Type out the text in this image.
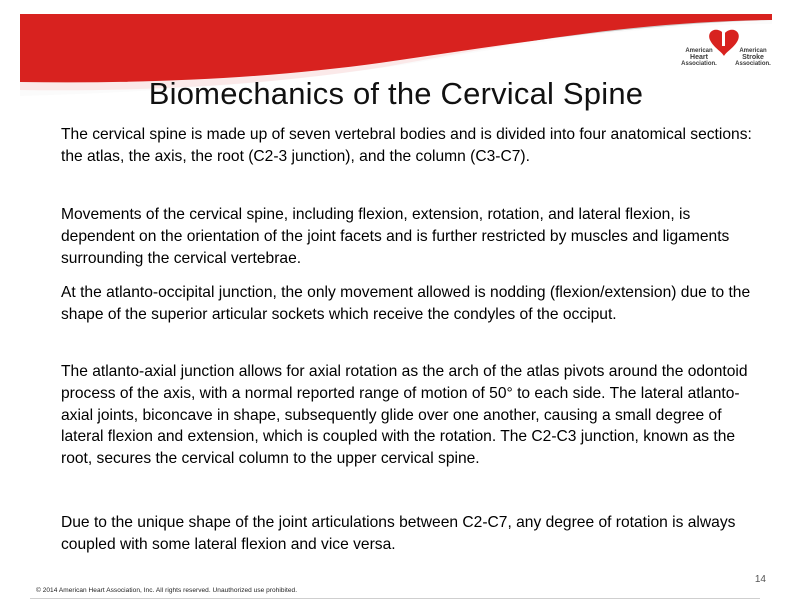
American
Heart
Association.
American
Stroke
Association.
Biomechanics of the Cervical Spine

The cervical spine is made up of seven vertebral bodies and is divided into four anatomical sections: the atlas, the axis, the root (C2-3 junction), and the column (C3-C7).

Movements of the cervical spine, including flexion, extension, rotation, and lateral flexion, is dependent on the orientation of the joint facets and is further restricted by muscles and ligaments surrounding the cervical vertebrae.

At the atlanto-occipital junction, the only movement allowed is nodding (flexion/extension) due to the shape of the superior articular sockets which receive the condyles of the occiput.

The atlanto-axial junction allows for axial rotation as the arch of the atlas pivots around the odontoid process of the axis, with a normal reported range of motion of 50° to each side. The lateral atlanto-axial joints, biconcave in shape, subsequently glide over one another, causing a small degree of lateral flexion and extension, which is coupled with the rotation. The C2-C3 junction, known as the root, secures the cervical column to the upper cervical spine.

Due to the unique shape of the joint articulations between C2-C7, any degree of rotation is always coupled with some lateral flexion and vice versa.

14
© 2014 American Heart Association, Inc. All rights reserved. Unauthorized use prohibited.
